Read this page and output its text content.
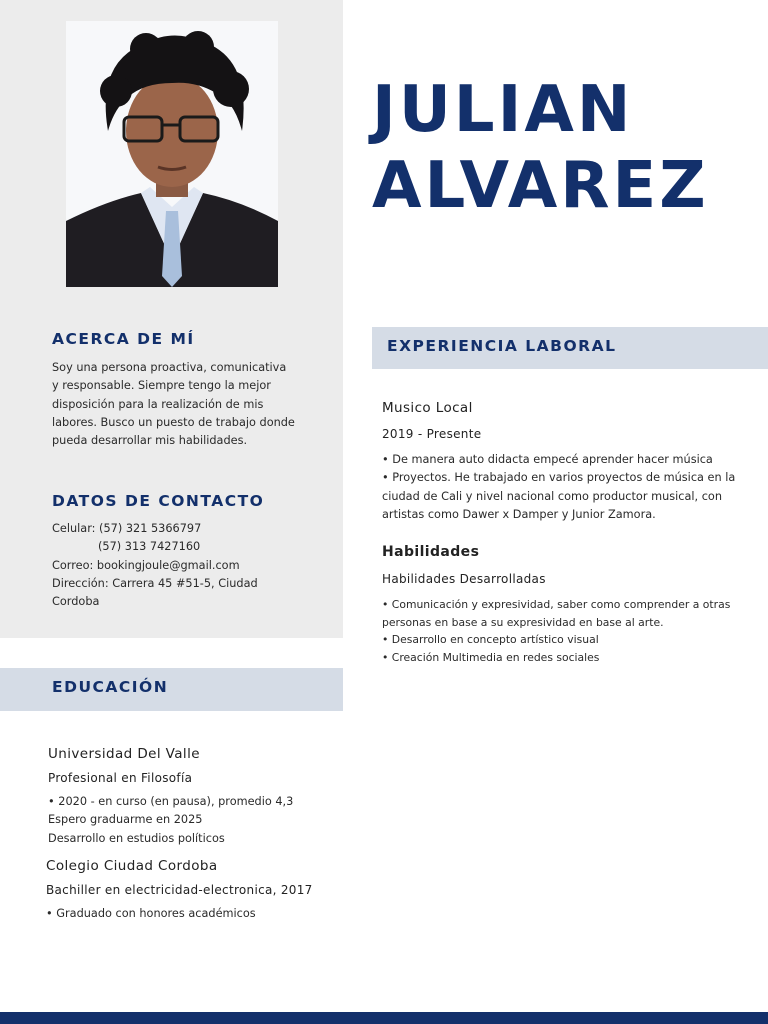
JULIAN
ALVAREZ
ACERCA DE MÍ
Soy una persona proactiva, comunicativa
y responsable. Siempre tengo la mejor
disposición para la realización de mis
labores. Busco un puesto de trabajo donde
pueda desarrollar mis habilidades.
DATOS DE CONTACTO
Celular: (57) 321 5366797
(57) 313 7427160
Correo: bookingjoule@gmail.com
Dirección: Carrera 45 #51-5, Ciudad
Cordoba
EDUCACIÓN
Universidad Del Valle
Profesional en Filosofía
• 2020 - en curso (en pausa), promedio 4,3
Espero graduarme en 2025
Desarrollo en estudios políticos
Colegio Ciudad Cordoba
Bachiller en electricidad-electronica, 2017
• Graduado con honores académicos
EXPERIENCIA LABORAL
Musico Local
2019 - Presente
• De manera auto didacta empecé aprender hacer música
• Proyectos. He trabajado en varios proyectos de música en la
ciudad de Cali y nivel nacional como productor musical, con
artistas como Dawer x Damper y Junior Zamora.
Habilidades
Habilidades Desarrolladas
• Comunicación y expresividad, saber como comprender a otras
personas en base a su expresividad en base al arte.
• Desarrollo en concepto artístico visual
• Creación Multimedia en redes sociales
